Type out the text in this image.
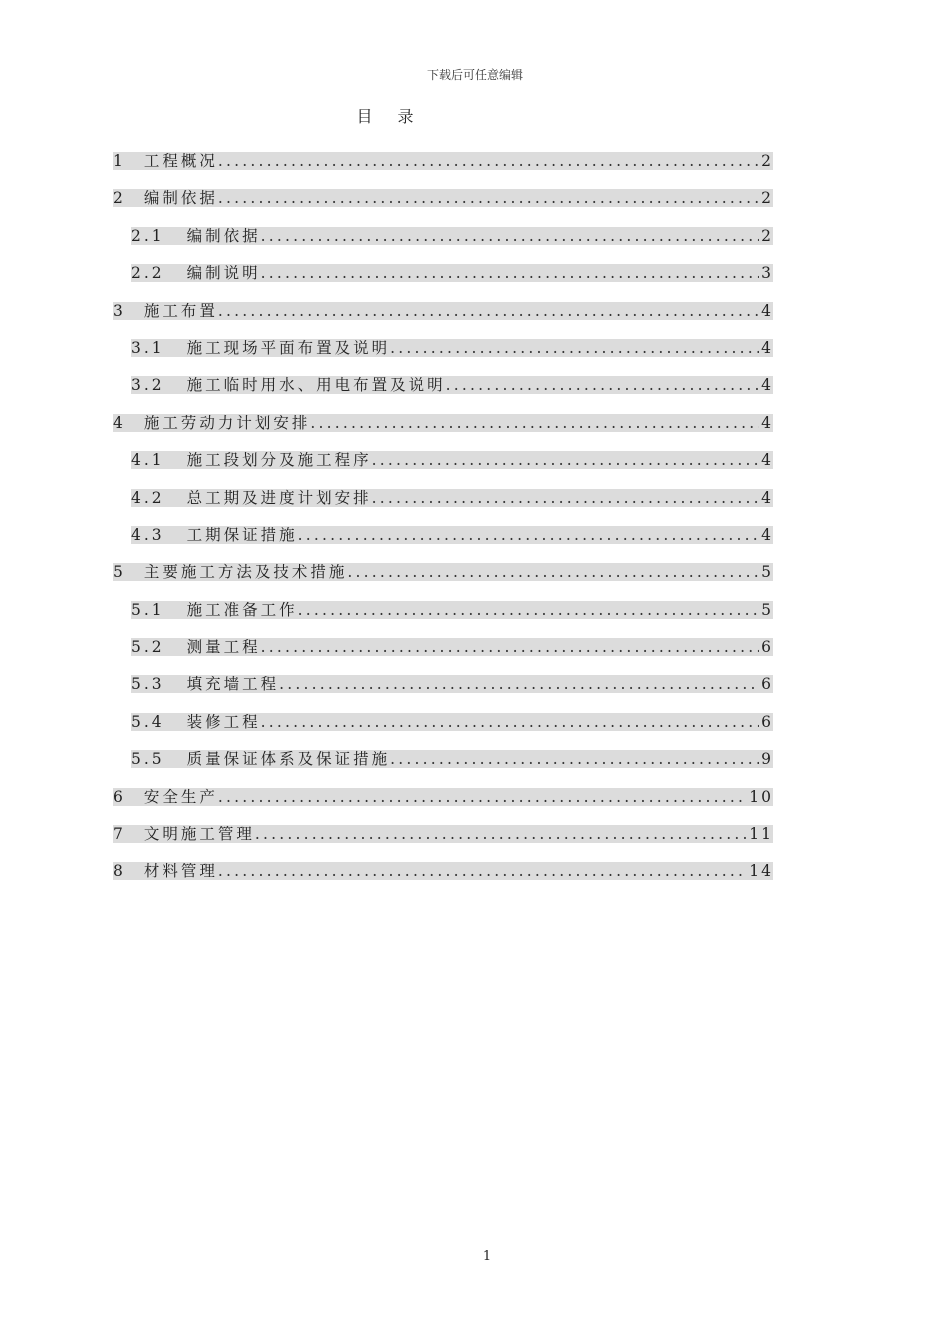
下载后可任意编辑
目 录
1	工程概况 .....	2
2	编制依据 .....	2
2.1	编制依据 .....	2
2.2	编制说明 .....	3
3	施工布置 .....	4
3.1	施工现场平面布置及说明 .....	4
3.2	施工临时用水、用电布置及说明 .....	4
4	施工劳动力计划安排 .....	4
4.1	施工段划分及施工程序 .....	4
4.2	总工期及进度计划安排 .....	4
4.3	工期保证措施 .....	4
5	主要施工方法及技术措施 .....	5
5.1	施工准备工作 .....	5
5.2	测量工程 .....	6
5.3	填充墙工程 .....	6
5.4	装修工程 .....	6
5.5	质量保证体系及保证措施 .....	9
6	安全生产 .....	10
7	文明施工管理 .....	11
8	材料管理 .....	14
1
